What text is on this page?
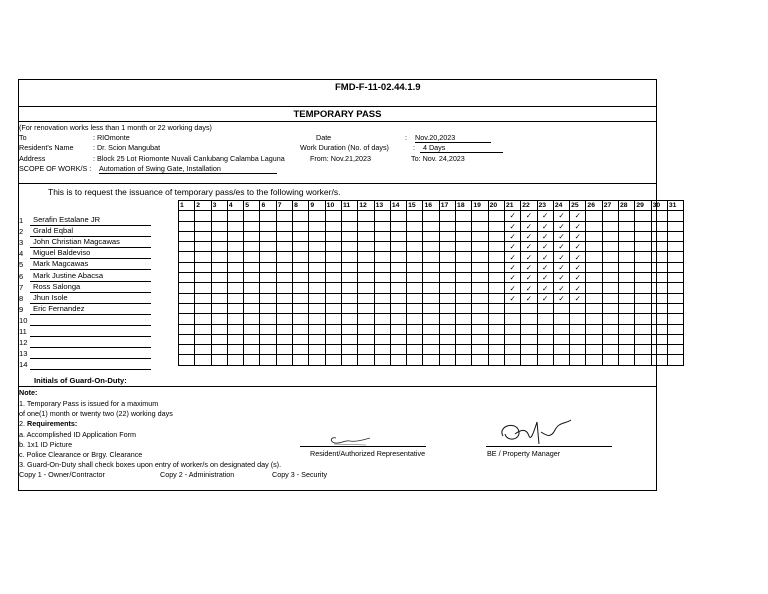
FMD-F-11-02.44.1.9
TEMPORARY PASS
(For renovation works less than 1 month or 22 working days)
To	: RIOmonte
Resident's Name	: Dr. Scion Mangubat
Address	: Block 25 Lot Riomonte Nuvali Canlubang Calamba Laguna
SCOPE OF WORK/S : Automation of Swing Gate, Installation
Date	: Nov.20,2023
Work Duration (No. of days)	:	4 Days
From: Nov.21,2023	To: Nov. 24,2023
This is to request the issuance of temporary pass/es to the following worker/s.
1	2	3	4	5	6	7	8	9	10	11	12	13	14	15	16	17	18	19	20	21	22	23	24	25	26	27	28	29	30	31
																				✓	✓	✓	✓	✓						
																				✓	✓	✓	✓	✓						
																				✓	✓	✓	✓	✓						
																				✓	✓	✓	✓	✓						
																				✓	✓	✓	✓	✓						
																				✓	✓	✓	✓	✓						
																				✓	✓	✓	✓	✓						
																				✓	✓	✓	✓	✓						
																				✓	✓	✓	✓	✓						

1	Serafin Estalane JR
2	Grald Eqbal
3	John Christian Magcawas
4	Miguel Baldeviso
5	Mark Magcawas
6	Mark Justine Abacsa
7	Ross Salonga
8	Jhun Isole
9	Eric Fernandez
10
11
12
13
14
Initials of Guard-On-Duty:
Note:
1. Temporary Pass is issued for a maximum
of one(1) month or twenty two (22) working days
2. Requirements:
a. Accomplished ID Application Form
b. 1x1 ID Picture
c. Police Clearance or Brgy. Clearance
3. Guard-On-Duty shall check boxes upon entry of worker/s on designated day (s).
Copy 1 - Owner/Contractor	Copy 2 - Administration	Copy 3 - Security
Resident/Authorized Representative	BE / Property Manager
